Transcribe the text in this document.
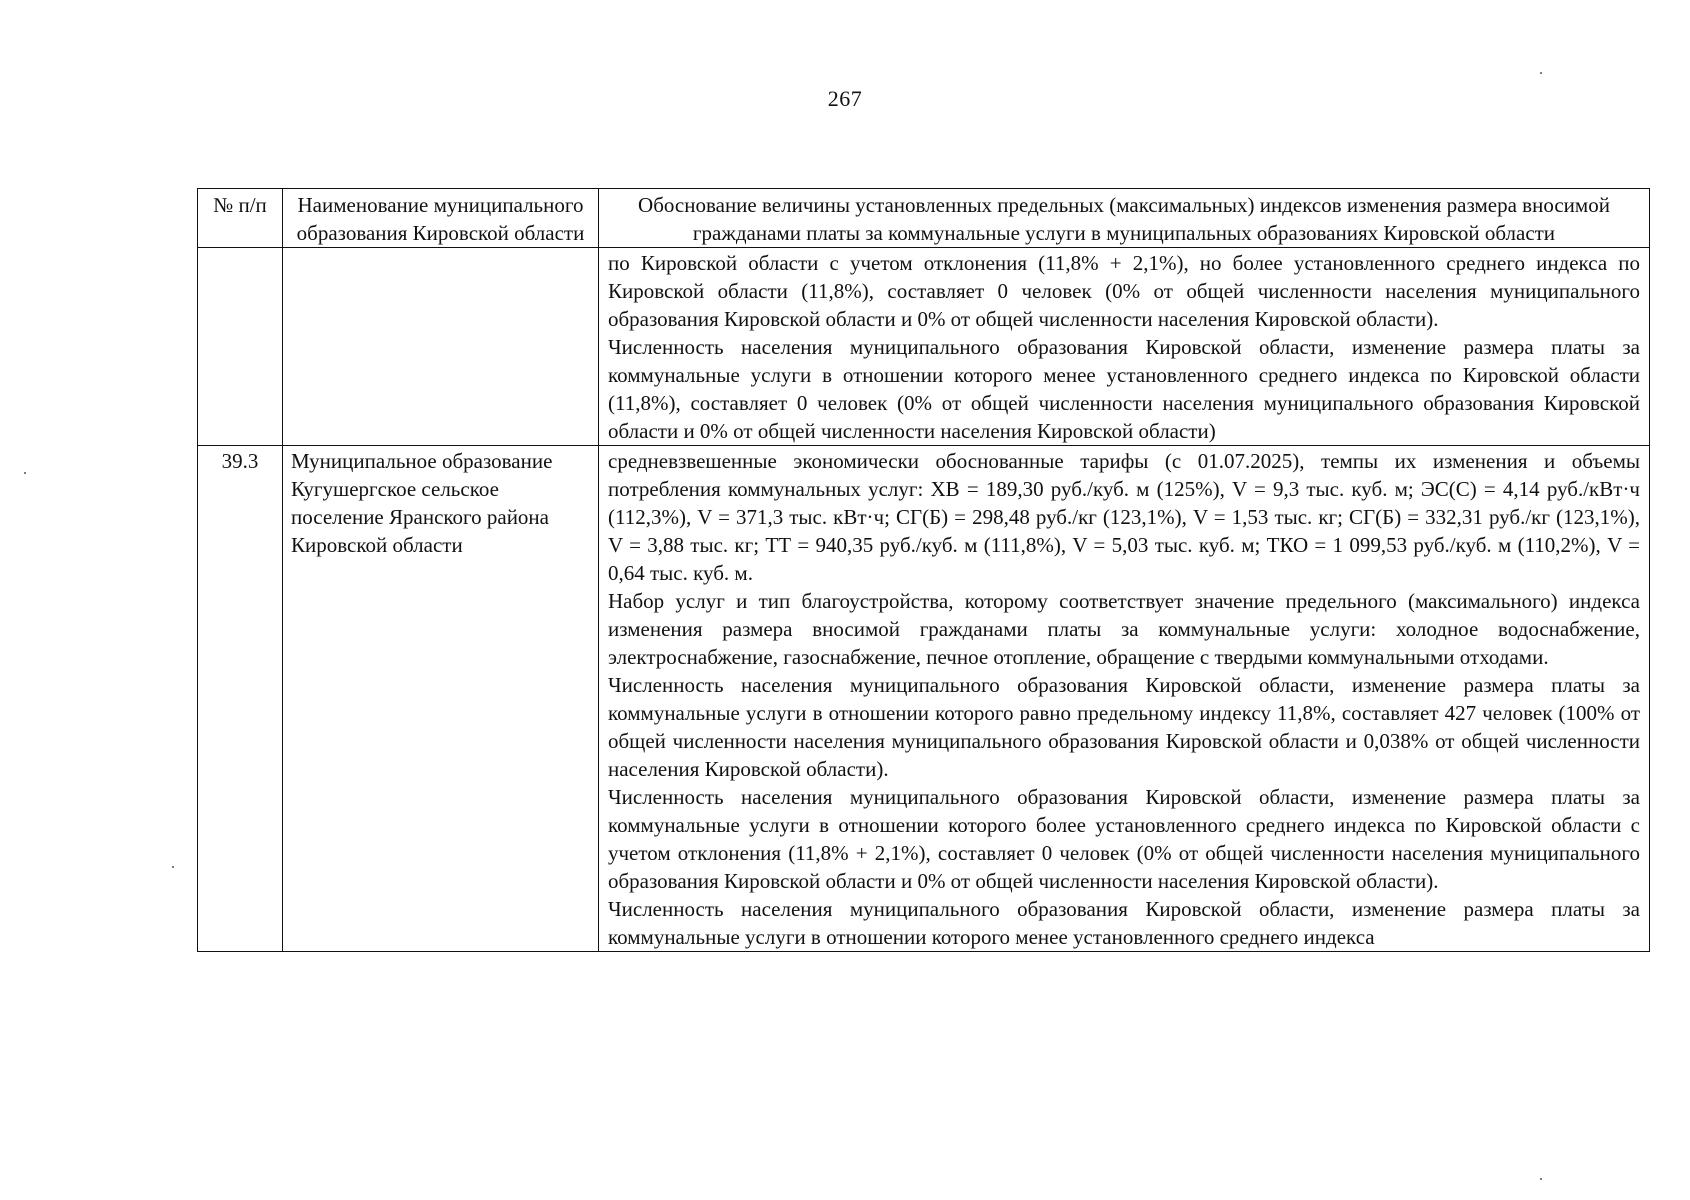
267
№ п/п	Наименование муниципального образования Кировской области	Обоснование величины установленных предельных (максимальных) индексов изменения размера вносимой гражданами платы за коммунальные услуги в муниципальных образованиях Кировской области

		по Кировской области с учетом отклонения (11,8% + 2,1%), но более установленного среднего индекса по Кировской области (11,8%), составляет 0 человек (0% от общей численности населения муниципального образования Кировской области и 0% от общей численности населения Кировской области).
Численность населения муниципального образования Кировской области, изменение размера платы за коммунальные услуги в отношении которого менее установленного среднего индекса по Кировской области (11,8%), составляет 0 человек (0% от общей численности населения муниципального образования Кировской области и 0% от общей численности населения Кировской области)

39.3	Муниципальное образование Кугушергское сельское поселение Яранского района Кировской области	средневзвешенные экономически обоснованные тарифы (с 01.07.2025), темпы их изменения и объемы потребления коммунальных услуг: ХВ = 189,30 руб./куб. м (125%), V = 9,3 тыс. куб. м; ЭС(С) = 4,14 руб./кВт·ч (112,3%), V = 371,3 тыс. кВт·ч; СГ(Б) = 298,48 руб./кг (123,1%), V = 1,53 тыс. кг; СГ(Б) = 332,31 руб./кг (123,1%), V = 3,88 тыс. кг; ТТ = 940,35 руб./куб. м (111,8%), V = 5,03 тыс. куб. м; ТКО = 1 099,53 руб./куб. м (110,2%), V = 0,64 тыс. куб. м.
Набор услуг и тип благоустройства, которому соответствует значение предельного (максимального) индекса изменения размера вносимой гражданами платы за коммунальные услуги: холодное водоснабжение, электроснабжение, газоснабжение, печное отопление, обращение с твердыми коммунальными отходами.
Численность населения муниципального образования Кировской области, изменение размера платы за коммунальные услуги в отношении которого равно предельному индексу 11,8%, составляет 427 человек (100% от общей численности населения муниципального образования Кировской области и 0,038% от общей численности населения Кировской области).
Численность населения муниципального образования Кировской области, изменение размера платы за коммунальные услуги в отношении которого более установленного среднего индекса по Кировской области с учетом отклонения (11,8% + 2,1%), составляет 0 человек (0% от общей численности населения муниципального образования Кировской области и 0% от общей численности населения Кировской области).
Численность населения муниципального образования Кировской области, изменение размера платы за коммунальные услуги в отношении которого менее установленного среднего индекса
